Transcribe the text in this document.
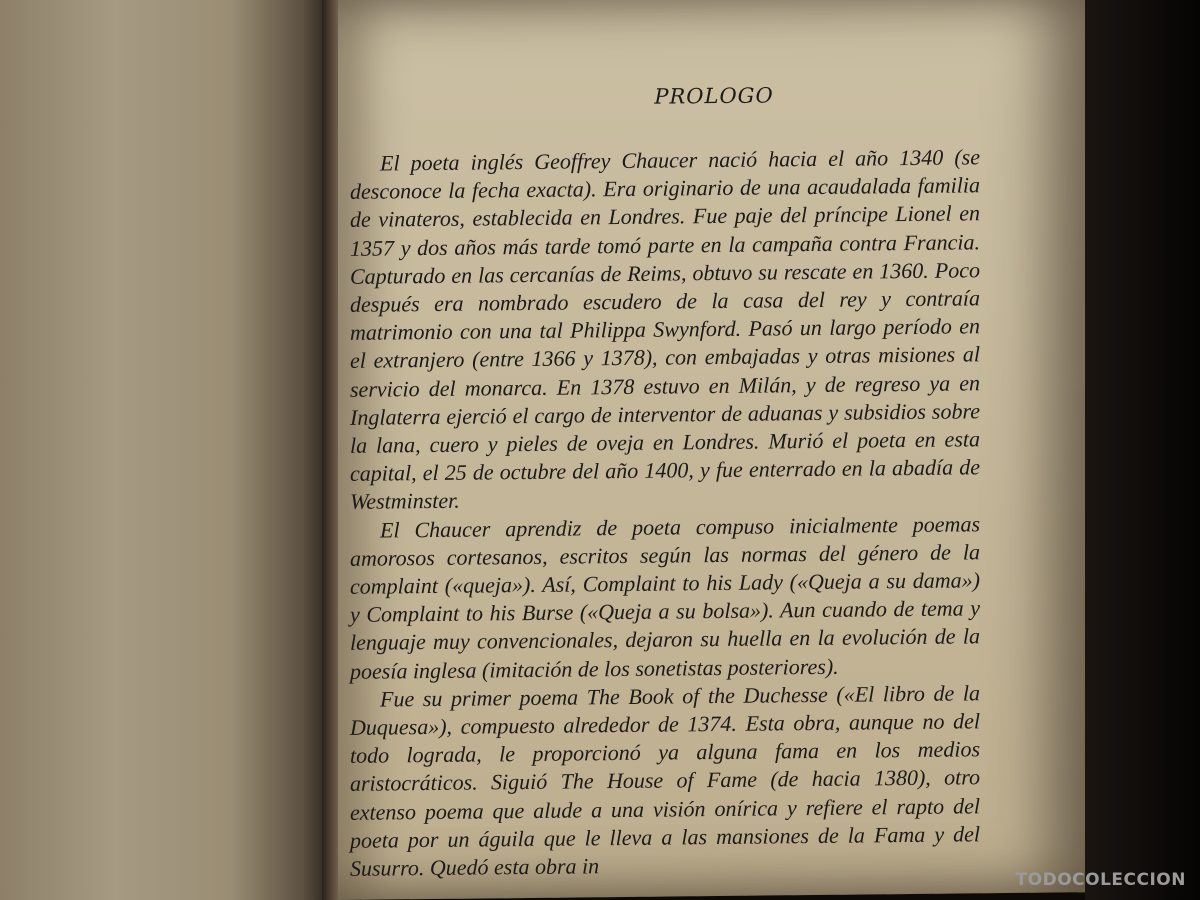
PROLOGO

El poeta inglés Geoffrey Chaucer nació hacia el año 1340 (se desconoce la fecha exacta). Era originario de una acaudalada familia de vinateros, establecida en Londres. Fue paje del príncipe Lionel en 1357 y dos años más tarde tomó parte en la campaña contra Francia. Capturado en las cercanías de Reims, obtuvo su rescate en 1360. Poco después era nombrado escudero de la casa del rey y contraía matrimonio con una tal Philippa Swynford. Pasó un largo período en el extranjero (entre 1366 y 1378), con embajadas y otras misiones al servicio del monarca. En 1378 estuvo en Milán, y de regreso ya en Inglaterra ejerció el cargo de interventor de aduanas y subsidios sobre la lana, cuero y pieles de oveja en Londres. Murió el poeta en esta capital, el 25 de octubre del año 1400, y fue enterrado en la abadía de Westminster.

El Chaucer aprendiz de poeta compuso inicialmente poemas amorosos cortesanos, escritos según las normas del género de la complaint («queja»). Así, Complaint to his Lady («Queja a su dama») y Complaint to his Burse («Queja a su bolsa»). Aun cuando de tema y lenguaje muy convencionales, dejaron su huella en la evolución de la poesía inglesa (imitación de los sonetistas posteriores).

Fue su primer poema The Book of the Duchesse («El libro de la Duquesa»), compuesto alrededor de 1374. Esta obra, aunque no del todo lograda, le proporcionó ya alguna fama en los medios aristocráticos. Siguió The House of Fame (de hacia 1380), otro extenso poema que alude a una visión onírica y refiere el rapto del poeta por un águila que le lleva a las mansiones de la Fama y del Susurro. Quedó esta obra in	TODOCOLECCION
